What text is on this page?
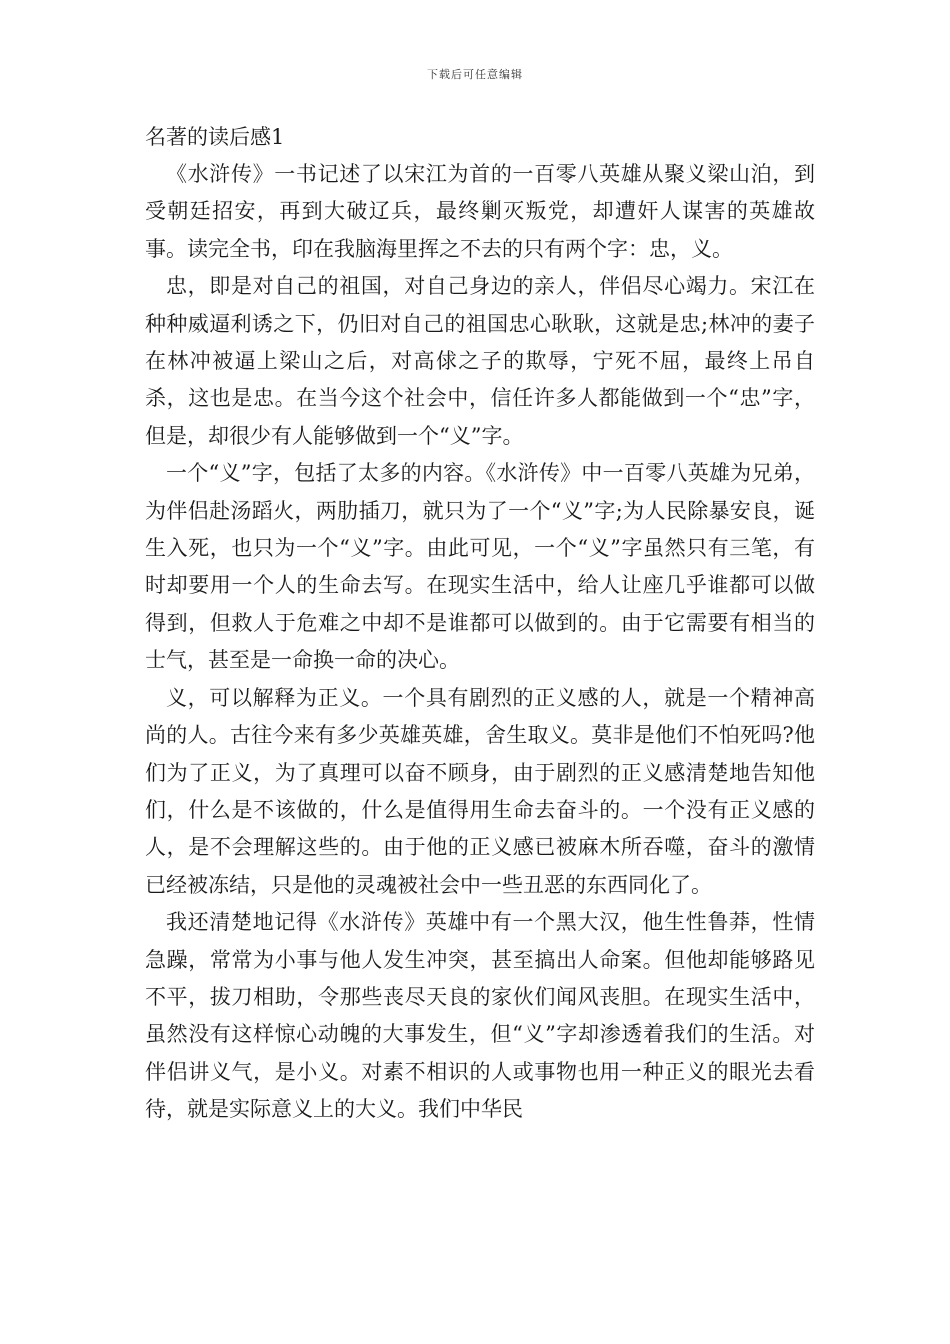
下载后可任意编辑
名著的读后感1

《水浒传》一书记述了以宋江为首的一百零八英雄从聚义梁山泊，到受朝廷招安，再到大破辽兵，最终剿灭叛党，却遭奸人谋害的英雄故事。读完全书，印在我脑海里挥之不去的只有两个字：忠，义。

忠，即是对自己的祖国，对自己身边的亲人，伴侣尽心竭力。宋江在种种威逼利诱之下，仍旧对自己的祖国忠心耿耿，这就是忠;林冲的妻子在林冲被逼上梁山之后，对高俅之子的欺辱，宁死不屈，最终上吊自杀，这也是忠。在当今这个社会中，信任许多人都能做到一个“忠”字，但是，却很少有人能够做到一个“义”字。

一个“义”字，包括了太多的内容。《水浒传》中一百零八英雄为兄弟，为伴侣赴汤蹈火，两肋插刀，就只为了一个“义”字;为人民除暴安良，诞生入死，也只为一个“义”字。由此可见，一个“义”字虽然只有三笔，有时却要用一个人的生命去写。在现实生活中，给人让座几乎谁都可以做得到，但救人于危难之中却不是谁都可以做到的。由于它需要有相当的士气，甚至是一命换一命的决心。

义，可以解释为正义。一个具有剧烈的正义感的人，就是一个精神高尚的人。古往今来有多少英雄英雄，舍生取义。莫非是他们不怕死吗?他们为了正义，为了真理可以奋不顾身，由于剧烈的正义感清楚地告知他们，什么是不该做的，什么是值得用生命去奋斗的。一个没有正义感的人，是不会理解这些的。由于他的正义感已被麻木所吞噬，奋斗的激情已经被冻结，只是他的灵魂被社会中一些丑恶的东西同化了。

我还清楚地记得《水浒传》英雄中有一个黑大汉，他生性鲁莽，性情急躁，常常为小事与他人发生冲突，甚至搞出人命案。但他却能够路见不平，拔刀相助，令那些丧尽天良的家伙们闻风丧胆。在现实生活中，虽然没有这样惊心动魄的大事发生，但“义”字却渗透着我们的生活。对伴侣讲义气，是小义。对素不相识的人或事物也用一种正义的眼光去看待，就是实际意义上的大义。我们中华民
